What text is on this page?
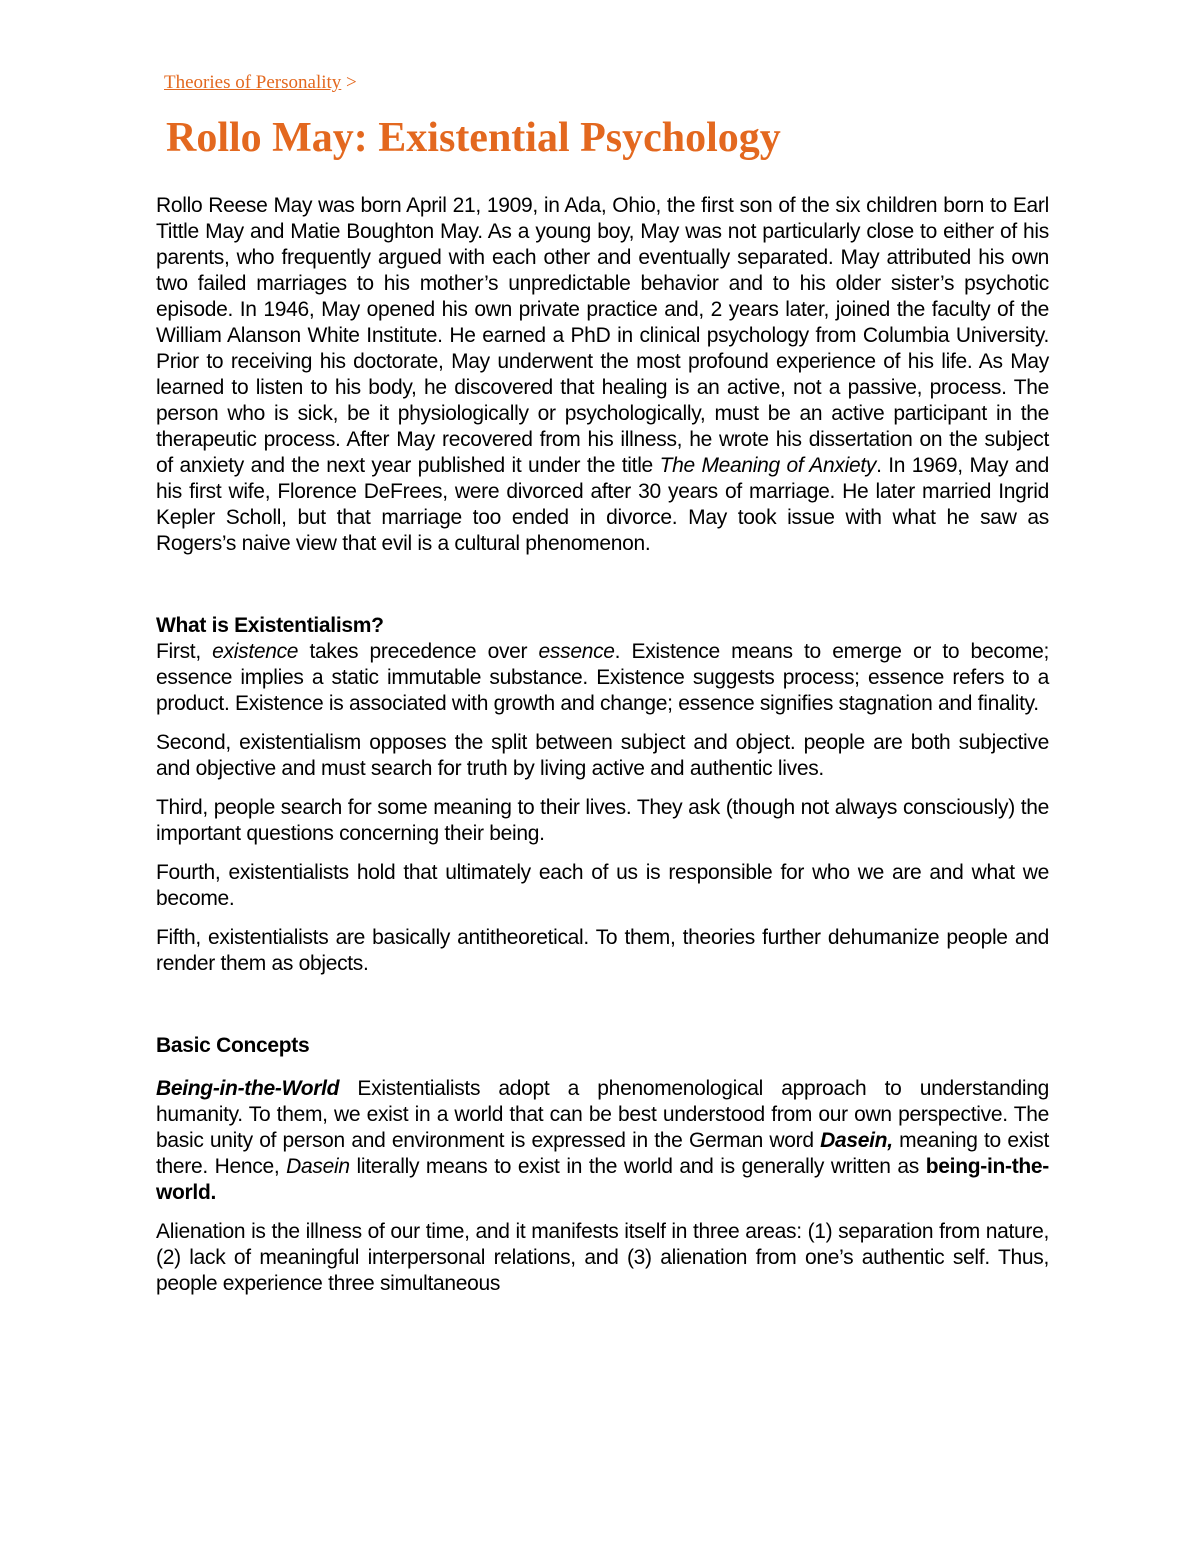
Theories of Personality >
Rollo May: Existential Psychology

Rollo Reese May was born April 21, 1909, in Ada, Ohio, the first son of the six children born to Earl Tittle May and Matie Boughton May. As a young boy, May was not particularly close to either of his parents, who frequently argued with each other and eventually separated. May attributed his own two failed marriages to his mother’s unpredictable behavior and to his older sister’s psychotic episode. In 1946, May opened his own private practice and, 2 years later, joined the faculty of the William Alanson White Institute. He earned a PhD in clinical psychology from Columbia University. Prior to receiving his doctorate, May underwent the most profound experience of his life. As May learned to listen to his body, he discovered that healing is an active, not a passive, process. The person who is sick, be it physiologically or psychologically, must be an active participant in the therapeutic process. After May recovered from his illness, he wrote his dissertation on the subject of anxiety and the next year published it under the title The Meaning of Anxiety. In 1969, May and his first wife, Florence DeFrees, were divorced after 30 years of marriage. He later married Ingrid Kepler Scholl, but that marriage too ended in divorce. May took issue with what he saw as Rogers’s naive view that evil is a cultural phenomenon.

What is Existentialism?

First, existence takes precedence over essence. Existence means to emerge or to become; essence implies a static immutable substance. Existence suggests process; essence refers to a product. Existence is associated with growth and change; essence signifies stagnation and finality.

Second, existentialism opposes the split between subject and object. people are both subjective and objective and must search for truth by living active and authentic lives.

Third, people search for some meaning to their lives. They ask (though not always consciously) the important questions concerning their being.

Fourth, existentialists hold that ultimately each of us is responsible for who we are and what we become.

Fifth, existentialists are basically antitheoretical. To them, theories further dehumanize people and render them as objects.

Basic Concepts

Being-in-the-World Existentialists adopt a phenomenological approach to understanding humanity. To them, we exist in a world that can be best understood from our own perspective. The basic unity of person and environment is expressed in the German word Dasein, meaning to exist there. Hence, Dasein literally means to exist in the world and is generally written as being-in-the-world.

Alienation is the illness of our time, and it manifests itself in three areas: (1) separation from nature, (2) lack of meaningful interpersonal relations, and (3) alienation from one’s authentic self. Thus, people experience three simultaneous
